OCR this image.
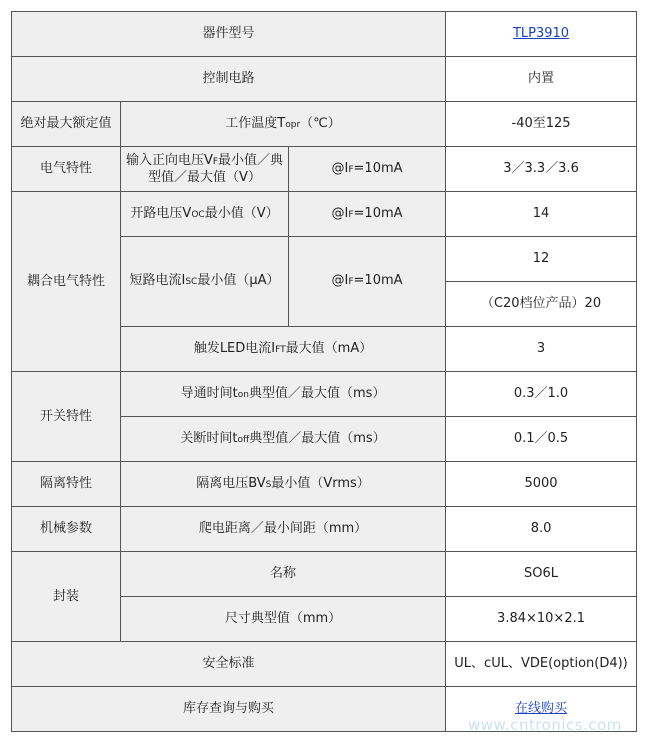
器件型号			TLP3910
控制电路			内置
绝对最大额定值	工作温度Topr（℃）		-40至125
电气特性	输入正向电压VF最小值／典型值／最大值（V）	@IF=10mA	3／3.3／3.6
耦合电气特性	开路电压VOC最小值（V）	@IF=10mA	14
	短路电流ISC最小值（μA）	@IF=10mA	12
			（C20档位产品）20
	触发LED电流IFT最大值（mA）		3
开关特性	导通时间ton典型值／最大值（ms）		0.3／1.0
	关断时间toff典型值／最大值（ms）		0.1／0.5
隔离特性	隔离电压BVS最小值（Vrms）		5000
机械参数	爬电距离／最小间距（mm）		8.0
封装	名称		SO6L
	尺寸典型值（mm）		3.84×10×2.1
安全标准			UL、cUL、VDE(option(D4))
库存查询与购买			在线购买
www.cntronics.com
